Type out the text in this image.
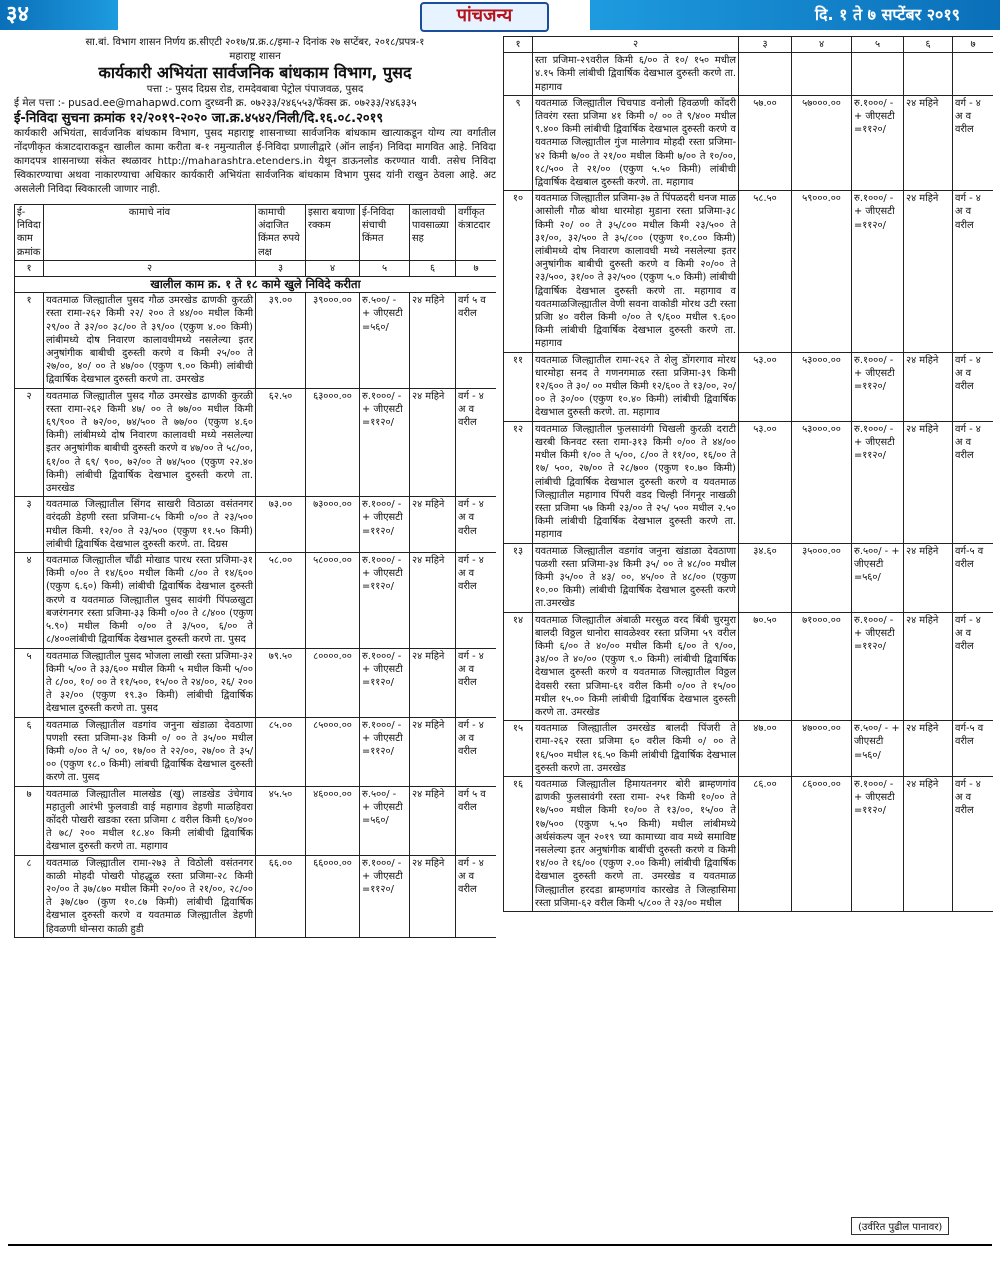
३४	पांचजन्य	दि. १ ते ७ सप्टेंबर २०१९
सा.बां. विभाग शासन निर्णय क्र.सीएटी २०१७/प्र.क्र.८/इमा-२ दिनांक २७ सप्टेंबर, २०१८/प्रपत्र-१
महाराष्ट्र शासन
कार्यकारी अभियंता सार्वजनिक बांधकाम विभाग, पुसद
पत्ता :- पुसद दिग्रस रोड, रामदेवबाबा पेट्रोल पंपाजवळ, पुसद
ई मेल पत्ता :- pusad.ee@mahapwd.com दुरध्वनी क्र. ०७२३३/२४६५५३/फॅक्स क्र. ०७२३३/२४६३३५
ई-निविदा सुचना क्रमांक १२/२०१९-२०२० जा.क्र.४५४२/निली/दि.१६.०८.२०१९
कार्यकारी अभियंता, सार्वजनिक बांधकाम विभाग, पुसद महाराष्ट्र शासनाच्या सार्वजनिक बांधकाम खात्याकडून योग्य त्या वर्गातील नोंदणीकृत कंत्राटदाराकडून खालील कामा करीता ब-१ नमुन्यातील ई-निविदा प्रणालीद्वारे (ऑन लाईन) निविदा मागवित आहे. निविदा कागदपत्र शासनाच्या संकेत स्थळावर http://maharashtra.etenders.in येथून डाऊनलोड करण्यात यावी. तसेच निविदा स्विकारण्याचा अथवा नाकारण्याचा अधिकार कार्यकारी अभियंता सार्वजनिक बांधकाम विभाग पुसद यांनी राखुन ठेवला आहे. अट असलेली निविदा स्विकारली जाणार नाही.
ई-निविदा काम क्रमांक	कामाचे नांव	कामाची अंदाजित किंमत रुपये लक्ष	इसारा बयाणा रक्कम	ई-निविदा संचाची किंमत	कालावधी पावसाळ्या सह	वर्गीकृत कंत्राटदार
१	२	३	४	५	६	७
खालील काम क्र. १ ते १८ कामे खुले निविदे करीता						
१	यवतमाळ जिल्ह्यातील पुसद गौळ उमरखेड ढाणकी कुरळी रस्ता रामा-२६२ किमी २२/ २०० ते ४४/०० मधील किमी २९/०० ते ३२/०० ३८/०० ते ३९/०० (एकुण ४.०० किमी) लांबीमध्ये दोष निवारण कालावधीमध्ये नसलेल्या इतर अनुषांगीक बाबीची दुरुस्ती करणे व किमी २५/०० ते २७/००, ४०/ ०० ते ४७/०० (एकुण ९.०० किमी) लांबीची द्विवार्षिक देखभाल दुरुस्ती करणे ता. उमरखेड	३९.००	३९०००.००	रु.५००/ - + जीएसटी =५६०/	२४ महिने	वर्ग ५ व वरील
२	यवतमाळ जिल्ह्यातील पुसद गौळ उमरखेड ढाणकी कुरळी रस्ता रामा-२६२ किमी ४७/ ०० ते ७७/०० मधील किमी ६९/९०० ते ७२/००, ७४/५०० ते ७७/०० (एकुण ४.६० किमी) लांबीमध्ये दोष निवारण कालावधी मध्ये नसलेल्या इतर अनुषांगीक बाबीची दुरुस्ती करणे व ४७/०० ते ५८/००, ६१/०० ते ६९/ ९००, ७२/०० ते ७४/५०० (एकुण २२.४० किमी) लांबीची द्विवार्षिक देखभाल दुरुस्ती करणे ता. उमरखेड	६२.५०	६३०००.००	रु.१०००/ - + जीएसटी =११२०/	२४ महिने	वर्ग - ४ अ व वरील
३	यवतमाळ जिल्ह्यातील सिंगद साखरी विठाळा वसंतनगर वरंदळी डेहणी रस्ता प्रजिमा-८५ किमी ०/०० ते २३/५०० मधील किमी. १२/०० ते २३/५०० (एकुण ११.५० किमी) लांबीची द्विवार्षिक देखभाल दुरुस्ती करणे. ता. दिग्रस	७३.००	७३०००.००	रु.१०००/ - + जीएसटी =११२०/	२४ महिने	वर्ग - ४ अ व वरील
४	यवतमाळ जिल्ह्यातील चौंढी मोखाड पारध रस्ता प्रजिमा-३१ किमी ०/०० ते १४/६०० मधील किमी ८/०० ते १४/६०० (एकुण ६.६०) किमी) लांबीची द्विवार्षिक देखभाल दुरुस्ती करणे व यवतमाळ जिल्ह्यातील पुसद सावंगी पिंपळखुटा बजरंगनगर रस्ता प्रजिमा-३३ किमी ०/०० ते ८/४०० (एकुण ५.९०) मधील किमी ०/०० ते ३/५००, ६/०० ते ८/४००लांबीची द्विवार्षिक देखभाल दुरुस्ती करणे ता. पुसद	५८.००	५८०००.००	रु.१०००/ - + जीएसटी =११२०/	२४ महिने	वर्ग - ४ अ व वरील
५	यवतमाळ जिल्ह्यातील पुसद भोजला लाखी रस्ता प्रजिमा-३२ किमी ५/०० ते ३३/६०० मधील किमी ५ मधील किमी ५/०० ते ८/००, १०/ ०० ते ११/५००, १५/०० ते २४/००, २६/ २०० ते ३२/०० (एकुण १९.३० किमी) लांबीची द्विवार्षिक देखभाल दुरुस्ती करणे ता. पुसद	७९.५०	८००००.००	रु.१०००/ - + जीएसटी =११२०/	२४ महिने	वर्ग - ४ अ व वरील
६	यवतमाळ जिल्ह्यातील वडगांव जनुना खंडाळा देवठाणा पणशी रस्ता प्रजिमा-३४ किमी ०/ ०० ते ३५/०० मधील किमी ०/०० ते ५/ ००, १७/०० ते २२/००, २७/०० ते ३५/ ०० (एकुण १८.० किमी) लांबची द्विवार्षिक देखभाल दुरुस्ती करणे ता. पुसद	८५.००	८५०००.००	रु.१०००/ - + जीएसटी =११२०/	२४ महिने	वर्ग - ४ अ व वरील
७	यवतमाळ जिल्ह्यातील मालखेड (खु) लाडखेड उंचेगाव महातुली आरंभी फुलवाडी वाई महागाव डेहणी माळहिवरा कोंदरी पोखरी खडका रस्ता प्रजिमा ८ वरील किमी ६०/४०० ते ७८/ २०० मधील १८.४० किमी लांबीची द्विवार्षिक देखभाल दुरुस्ती करणे ता. महागाव	४५.५०	४६०००.००	रु.५००/ - + जीएसटी =५६०/	२४ महिने	वर्ग ५ व वरील
८	यवतमाळ जिल्ह्यातील रामा-२७३ ते विठोली वसंतनगर काळी मोहदी पोखरी पोहद्धूळ रस्ता प्रजिमा-२८ किमी २०/०० ते ३७/८७० मधील किमी २०/०० ते २१/००, २८/०० ते ३७/८७० (कुण १०.८७ किमी) लांबीची द्विवार्षिक देखभाल दुरुस्ती करणे व यवतमाळ जिल्ह्यातील डेहणी हिवळणी धोन्सरा काळी हुडी	६६.००	६६०००.००	रु.१०००/ - + जीएसटी =११२०/	२४ महिने	वर्ग - ४ अ व वरील
१	२	३	४	५	६	७
	स्ता प्रजिमा-२९वरील किमी ६/०० ते १०/ १५० मधील ४.१५ किमी लांबीची द्विवार्षिक देखभाल दुरुस्ती करणे ता. महागाव					
९	यवतमाळ जिल्ह्यातील चिचपाड वनोली हिवळणी कोंदरी तिवरंग रस्ता प्रजिमा ४१ किमी ०/ ०० ते ९/४०० मधील ९.४०० किमी लांबीची द्विवार्षिक देखभाल दुरुस्ती करणे व यवतमाळ जिल्ह्यातील गुंज मालेगाव मोहदी रस्ता प्रजिमा- ४२ किमी ७/०० ते २१/०० मधील किमी ७/०० ते १०/००, १८/५०० ते २१/०० (एकुण ५.५० किमी) लांबीची द्विवार्षिक देखबाल दुरुस्ती करणे. ता. महागाव	५७.००	५७०००.००	रु.१०००/ - + जीएसटी =११२०/	२४ महिने	वर्ग - ४ अ व वरील
१०	यवतमाळ जिल्ह्यातील प्रजिमा-३७ ते पिंपळदरी धनज माळ आसोली गौळ बोथा धारमोहा मुडाना रस्ता प्रजिमा-३८ किमी २०/ ०० ते ३५/८०० मधील किमी २३/५०० ते ३१/००, ३२/५०० ते ३५/८०० (एकुण १०.८०० किमी) लांबीमध्ये दोष निवारण कालावधी मध्ये नसलेल्या इतर अनुषांगीक बाबीची दुरुस्ती करणे व किमी २०/०० ते २३/५००, ३१/०० ते ३२/५०० (एकुण ५.० किमी) लांबीची द्विवार्षिक देखभाल दुरुस्ती करणे ता. महागाव व यवतमाळजिल्ह्यातील वेणी सवना वाकोडी मोरथ उटी रस्ता प्रजिा ४० वरील किमी ०/०० ते ९/६०० मधील ९.६०० किमी लांबीची द्विवार्षिक देखभाल दुरुस्ती करणे ता. महागाव	५८.५०	५९०००.००	रु.१०००/ - + जीएसटी =११२०/	२४ महिने	वर्ग - ४ अ व वरील
११	यवतमाळ जिल्ह्यातील रामा-२६२ ते शेलु डोंगरगाव मोरथ धारमोहा सनद ते गणनगमाळ रस्ता प्रजिमा-३९ किमी १२/६०० ते ३०/ ०० मधील किमी १२/६०० ते १३/००, २०/ ०० ते ३०/०० (एकुण १०.४० किमी) लांबीची द्विवार्षिक देखभाल दुरुस्ती करणे. ता. महागाव	५३.००	५३०००.००	रु.१०००/ - + जीएसटी =११२०/	२४ महिने	वर्ग - ४ अ व वरील
१२	यवतमाळ जिल्ह्यातील फुलसावंगी चिखली कुरळी दराटी खरबी किनवट रस्ता रामा-३१३ किमी ०/०० ते ४४/०० मधील किमी १/०० ते ५/००, ८/०० ते ११/००, १६/०० ते १७/ ५००, २७/०० ते २८/७०० (एकुण १०.७० किमी) लांबीची द्विवार्षिक देखभाल दुरुस्ती करणे व यवतमाळ जिल्ह्यातील महागाव पिंपरी वडद चिल्ही निंगनूर नाखळी रस्ता प्रजिमा ५७ किमी २३/०० ते २५/ ५०० मधील २.५० किमी लांबीची द्विवार्षिक देखभाल दुरुस्ती करणे ता. महागाव	५३.००	५३०००.००	रु.१०००/ - + जीएसटी =११२०/	२४ महिने	वर्ग - ४ अ व वरील
१३	यवतमाळ जिल्ह्यातील वडगांव जनुना खंडाळा देवठाणा पळशी रस्ता प्रजिमा-३४ किमी ३५/ ०० ते ४८/०० मधील किमी ३५/०० ते ४३/ ००, ४५/०० ते ४८/०० (एकुण १०.०० किमी) लांबीची द्विवार्षिक देखभाल दुरुस्ती करणे ता.उमरखेड	३४.६०	३५०००.००	रु.५००/ - + जीएसटी =५६०/	२४ महिने	वर्ग-५ व वरील
१४	यवतमाळ जिल्ह्यातील अंबाळी मरसुळ वरद बिंबी चुरमुरा बालदी विठ्ठल धानोरा सावळेश्वर रस्ता प्रजिमा ५९ वरील किमी ६/०० ते ४०/०० मधील किमी ६/०० ते ९/००, ३४/०० ते ४०/०० (एकुण ९.० किमी) लांबीची द्विवार्षिक देखभाल दुरुस्ती करणे व यवतमाळ जिल्ह्यातील विठ्ठल देवसरी रस्ता प्रजिमा-६१ वरील किमी ०/०० ते १५/०० मधील १५.०० किमी लांबीची द्विवार्षिक देखभाल दुरुस्ती करणे ता. उमरखेड	७०.५०	७१०००.००	रु.१०००/ - + जीएसटी =११२०/	२४ महिने	वर्ग - ४ अ व वरील
१५	यवतमाळ जिल्ह्यातील उमरखेड बालदी पिंजरी ते रामा-२६२ रस्ता प्रजिमा ६० वरील किमी ०/ ०० ते १६/५०० मधील १६.५० किमी लांबीची द्विवार्षिक देखभाल दुरुस्ती करणे ता. उमरखेड	४७.००	४७०००.००	रु.५००/ - + जीएसटी =५६०/	२४ महिने	वर्ग-५ व वरील
१६	यवतमाळ जिल्ह्यातील हिमायतनगर बोरी ब्राम्हणगांव ढाणकी फुलसावंगी रस्ता रामा- २५१ किमी १०/०० ते १७/५०० मधील किमी १०/०० ते १३/००, १५/०० ते १७/५०० (एकुण ५.५० किमी) मधील लांबीमध्ये अर्थसंकल्प जून २०१९ च्या कामाच्या वाव मध्ये समाविष्ट नसलेल्या इतर अनुषांगीक बाबींची दुरुस्ती करणे व किमी १४/०० ते १६/०० (एकुण २.०० किमी) लांबीची द्विवार्षिक देखभाल दुरुस्ती करणे ता. उमरखेड व यवतमाळ जिल्ह्यातील हरदडा ब्राम्हणगांव कारखेड ते जिल्हासिमा रस्ता प्रजिमा-६२ वरील किमी ५/८०० ते २३/०० मधील	८६.००	८६०००.००	रु.१०००/ - + जीएसटी =११२०/	२४ महिने	वर्ग - ४ अ व वरील
(उर्वरित पुढील पानावर)
